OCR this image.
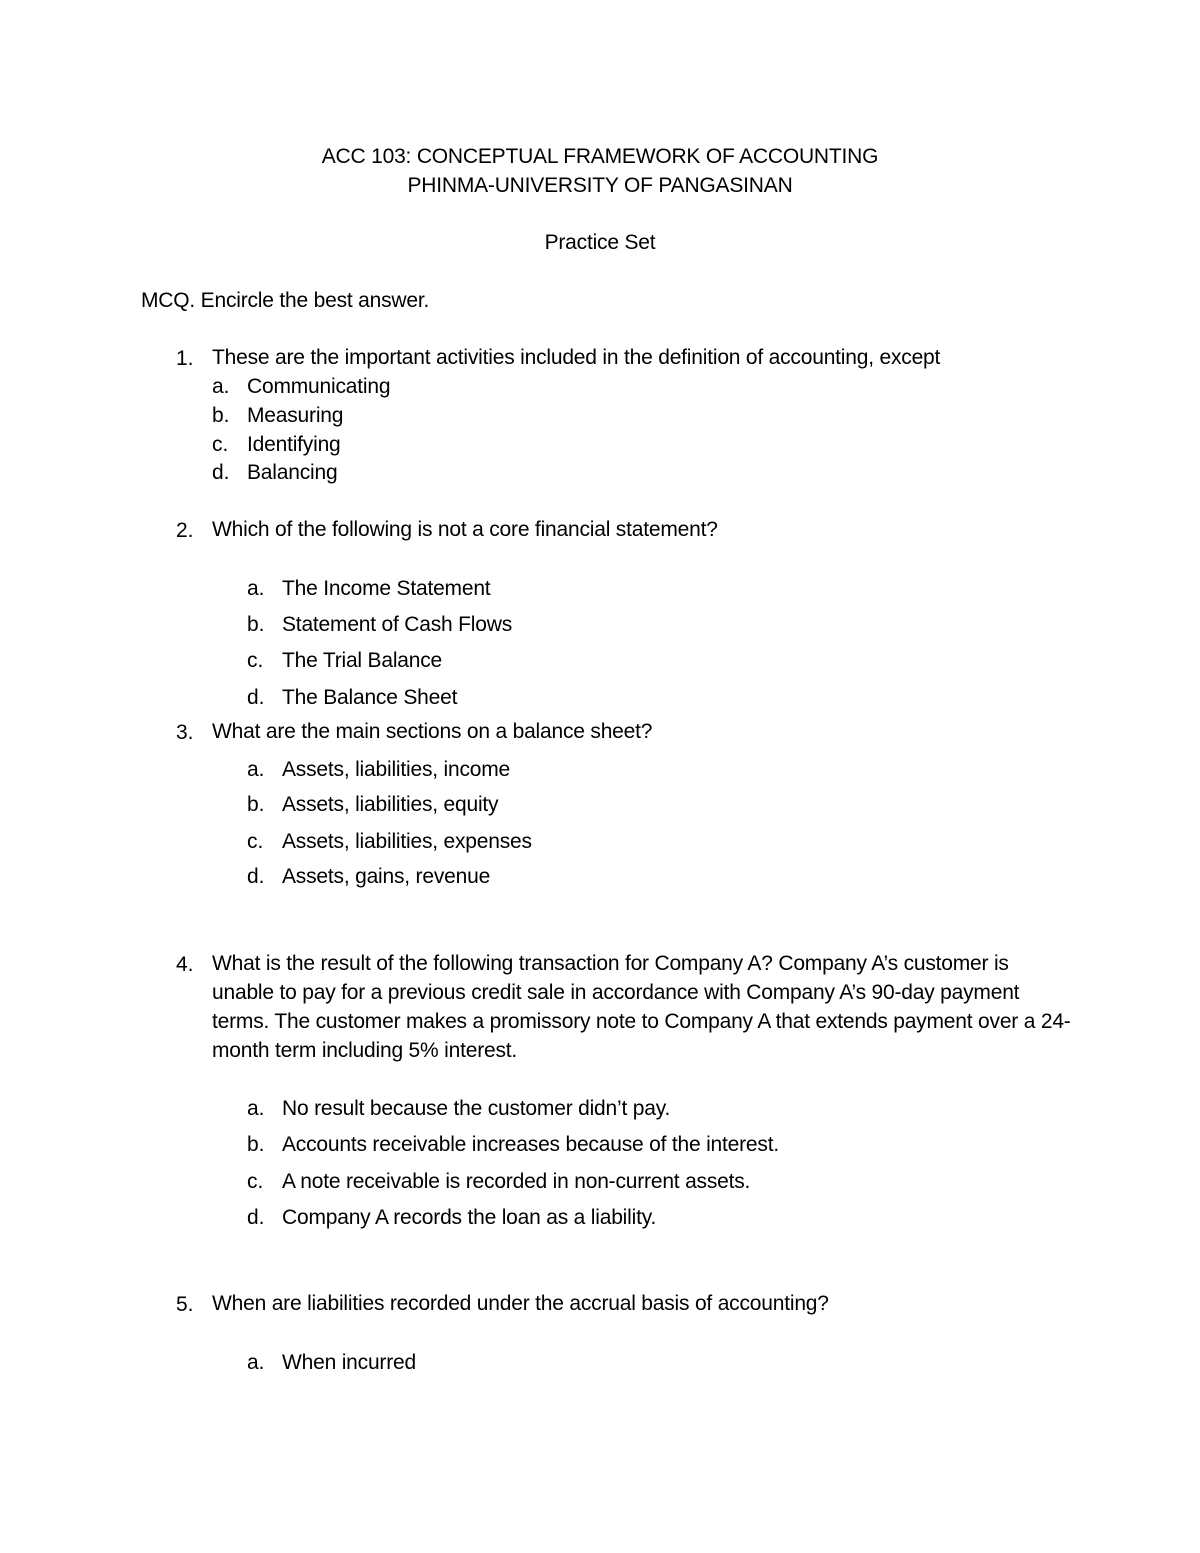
ACC 103: CONCEPTUAL FRAMEWORK OF ACCOUNTING
PHINMA-UNIVERSITY OF PANGASINAN
Practice Set
MCQ. Encircle the best answer.
1. These are the important activities included in the definition of accounting, except
a. Communicating
b. Measuring
c. Identifying
d. Balancing
2. Which of the following is not a core financial statement?
a. The Income Statement
b. Statement of Cash Flows
c. The Trial Balance
d. The Balance Sheet
3. What are the main sections on a balance sheet?
a. Assets, liabilities, income
b. Assets, liabilities, equity
c. Assets, liabilities, expenses
d. Assets, gains, revenue
4. What is the result of the following transaction for Company A? Company A’s customer is unable to pay for a previous credit sale in accordance with Company A’s 90-day payment terms. The customer makes a promissory note to Company A that extends payment over a 24-month term including 5% interest.
a. No result because the customer didn’t pay.
b. Accounts receivable increases because of the interest.
c. A note receivable is recorded in non-current assets.
d. Company A records the loan as a liability.
5. When are liabilities recorded under the accrual basis of accounting?
a. When incurred
